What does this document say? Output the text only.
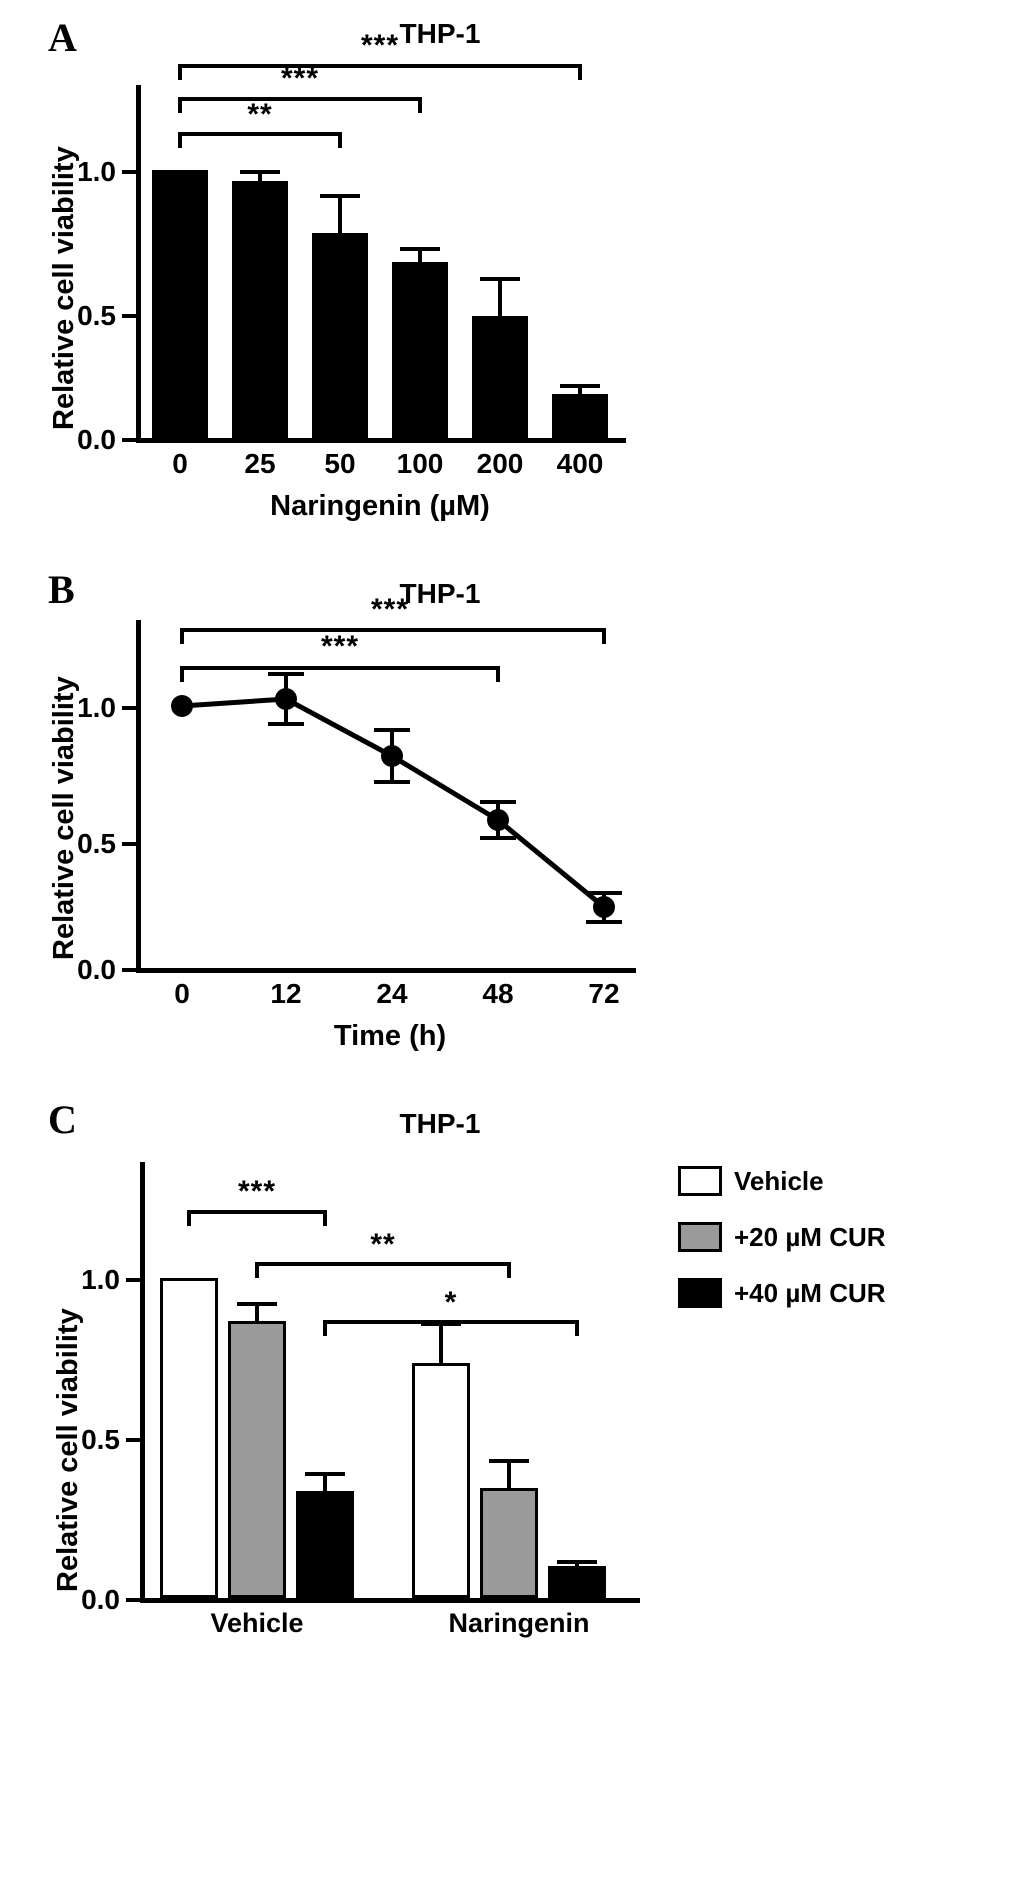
A	THP-1
Relative cell viability
0.0
0.5
1.0
0	25	50	100	200	400
Naringenin (µM)
**
***
***
B	THP-1
Relative cell viability
0.0
0.5
1.0
***
***
0	12	24	48	72
Time (h)
C	THP-1
Relative cell viability
0.0
0.5
1.0
***
**
*
Vehicle	Naringenin
Vehicle
+20 µM CUR
+40 µM CUR
